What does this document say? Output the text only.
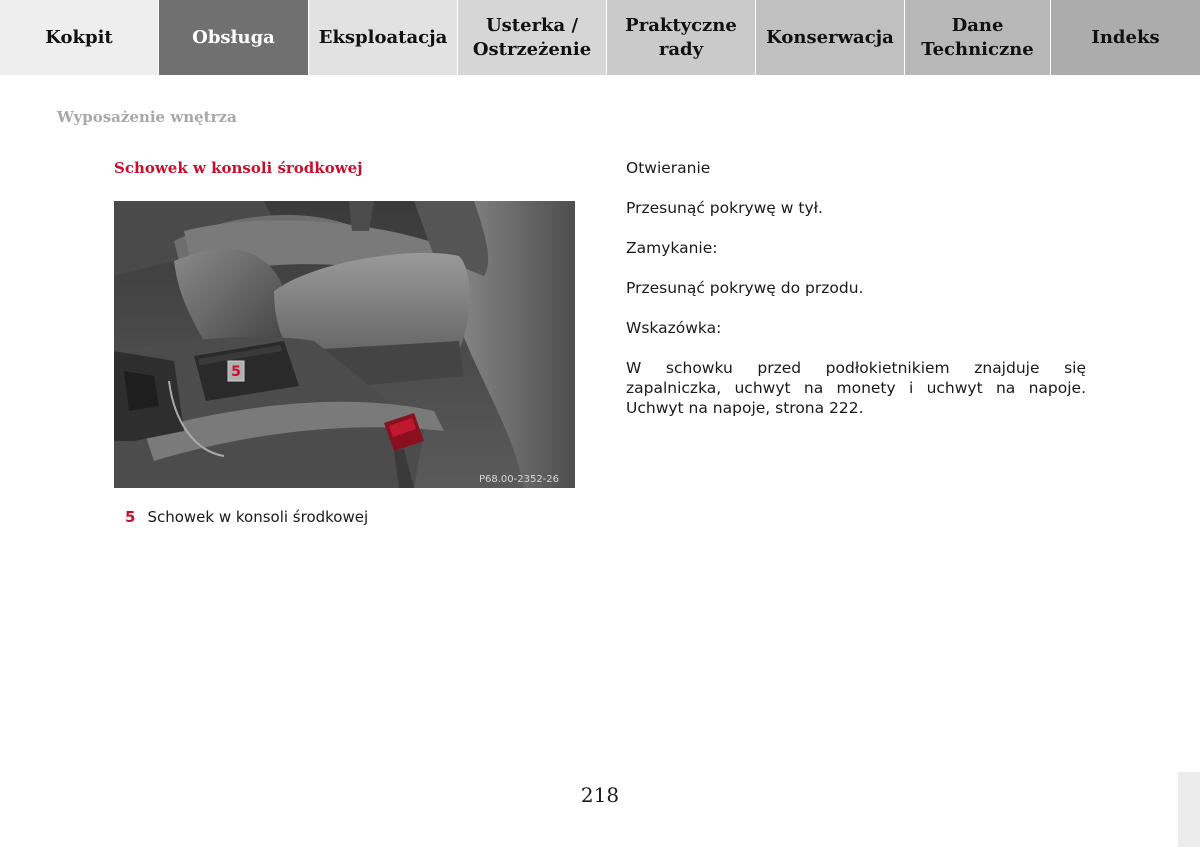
Kokpit	Obsługa	Eksploatacja
Usterka /
Ostrzeżenie
Praktyczne
rady
Konserwacja
Dane
Techniczne
Indeks
Wyposażenie wnętrza
Schowek w konsoli środkowej
5
P68.00-2352-26
5 Schowek w konsoli środkowej

Otwieranie

Przesunąć pokrywę w tył.

Zamykanie:

Przesunąć pokrywę do przodu.

Wskazówka:

W schowku przed podłokietnikiem znajduje się zapalniczka, uchwyt na monety i uchwyt na napoje. Uchwyt na napoje, strona 222.

218
